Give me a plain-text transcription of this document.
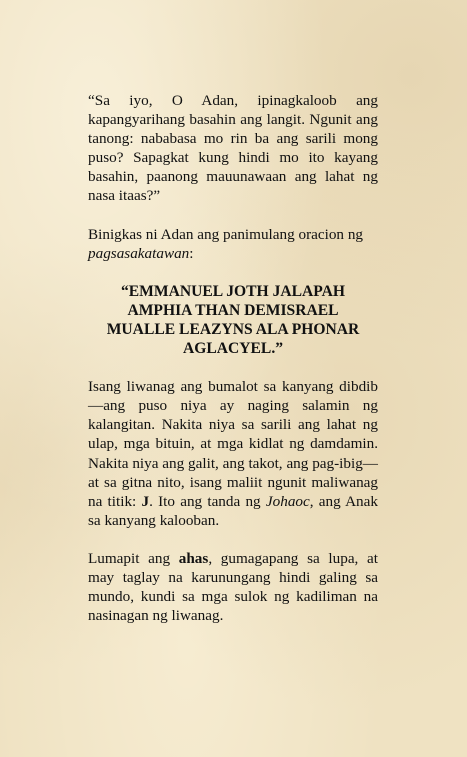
“Sa iyo, O Adan, ipinagkaloob ang kapangyarihang basahin ang langit. Ngunit ang tanong: nababasa mo rin ba ang sarili mong puso? Sapagkat kung hindi mo ito kayang basahin, paanong mauunawaan ang lahat ng nasa itaas?”

Binigkas ni Adan ang panimulang oracion ng pagsasakatawan:

“EMMANUEL JOTH JALAPAH
AMPHIA THAN DEMISRAEL
MUALLE LEAZYNS ALA PHONAR
AGLACYEL.”

Isang liwanag ang bumalot sa kanyang dibdib—ang puso niya ay naging salamin ng kalangitan. Nakita niya sa sarili ang lahat ng ulap, mga bituin, at mga kidlat ng damdamin. Nakita niya ang galit, ang takot, ang pag-ibig—at sa gitna nito, isang maliit ngunit maliwanag na titik: J. Ito ang tanda ng Johaoc, ang Anak sa kanyang kalooban.

Lumapit ang ahas, gumagapang sa lupa, at may taglay na karunungang hindi galing sa mundo, kundi sa mga sulok ng kadiliman na nasinagan ng liwanag.
